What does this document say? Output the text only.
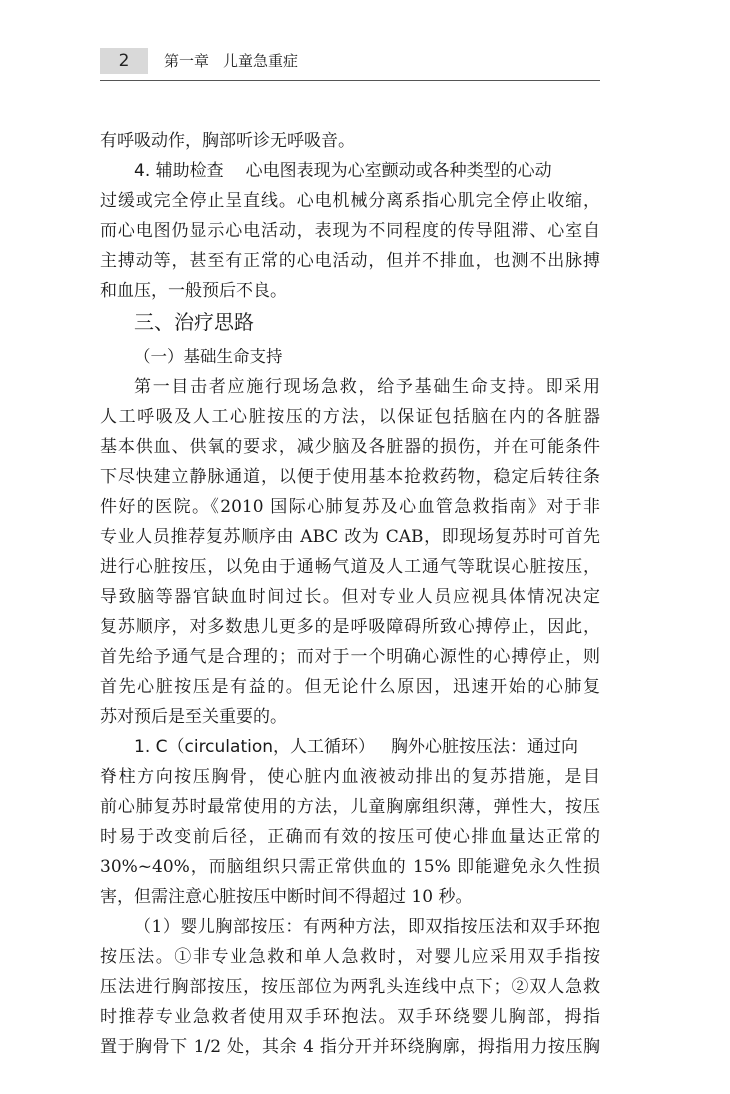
2	第一章 儿童急重症
有呼吸动作，胸部听诊无呼吸音。
4. 辅助检查 心电图表现为心室颤动或各种类型的心动
过缓或完全停止呈直线。心电机械分离系指心肌完全停止收缩，
而心电图仍显示心电活动，表现为不同程度的传导阻滞、心室自
主搏动等，甚至有正常的心电活动，但并不排血，也测不出脉搏
和血压，一般预后不良。
三、治疗思路
（一）基础生命支持
第一目击者应施行现场急救，给予基础生命支持。即采用
人工呼吸及人工心脏按压的方法，以保证包括脑在内的各脏器
基本供血、供氧的要求，减少脑及各脏器的损伤，并在可能条件
下尽快建立静脉通道，以便于使用基本抢救药物，稳定后转往条
件好的医院。《2010 国际心肺复苏及心血管急救指南》对于非
专业人员推荐复苏顺序由 ABC 改为 CAB，即现场复苏时可首先
进行心脏按压，以免由于通畅气道及人工通气等耽误心脏按压，
导致脑等器官缺血时间过长。但对专业人员应视具体情况决定
复苏顺序，对多数患儿更多的是呼吸障碍所致心搏停止，因此，
首先给予通气是合理的；而对于一个明确心源性的心搏停止，则
首先心脏按压是有益的。但无论什么原因，迅速开始的心肺复
苏对预后是至关重要的。
1. C（circulation，人工循环） 胸外心脏按压法：通过向
脊柱方向按压胸骨，使心脏内血液被动排出的复苏措施，是目
前心肺复苏时最常使用的方法，儿童胸廓组织薄，弹性大，按压
时易于改变前后径，正确而有效的按压可使心排血量达正常的
30%~40%，而脑组织只需正常供血的 15% 即能避免永久性损
害，但需注意心脏按压中断时间不得超过 10 秒。
（1）婴儿胸部按压：有两种方法，即双指按压法和双手环抱
按压法。①非专业急救和单人急救时，对婴儿应采用双手指按
压法进行胸部按压，按压部位为两乳头连线中点下；②双人急救
时推荐专业急救者使用双手环抱法。双手环绕婴儿胸部，拇指
置于胸骨下 1/2 处，其余 4 指分开并环绕胸廓，拇指用力按压胸
